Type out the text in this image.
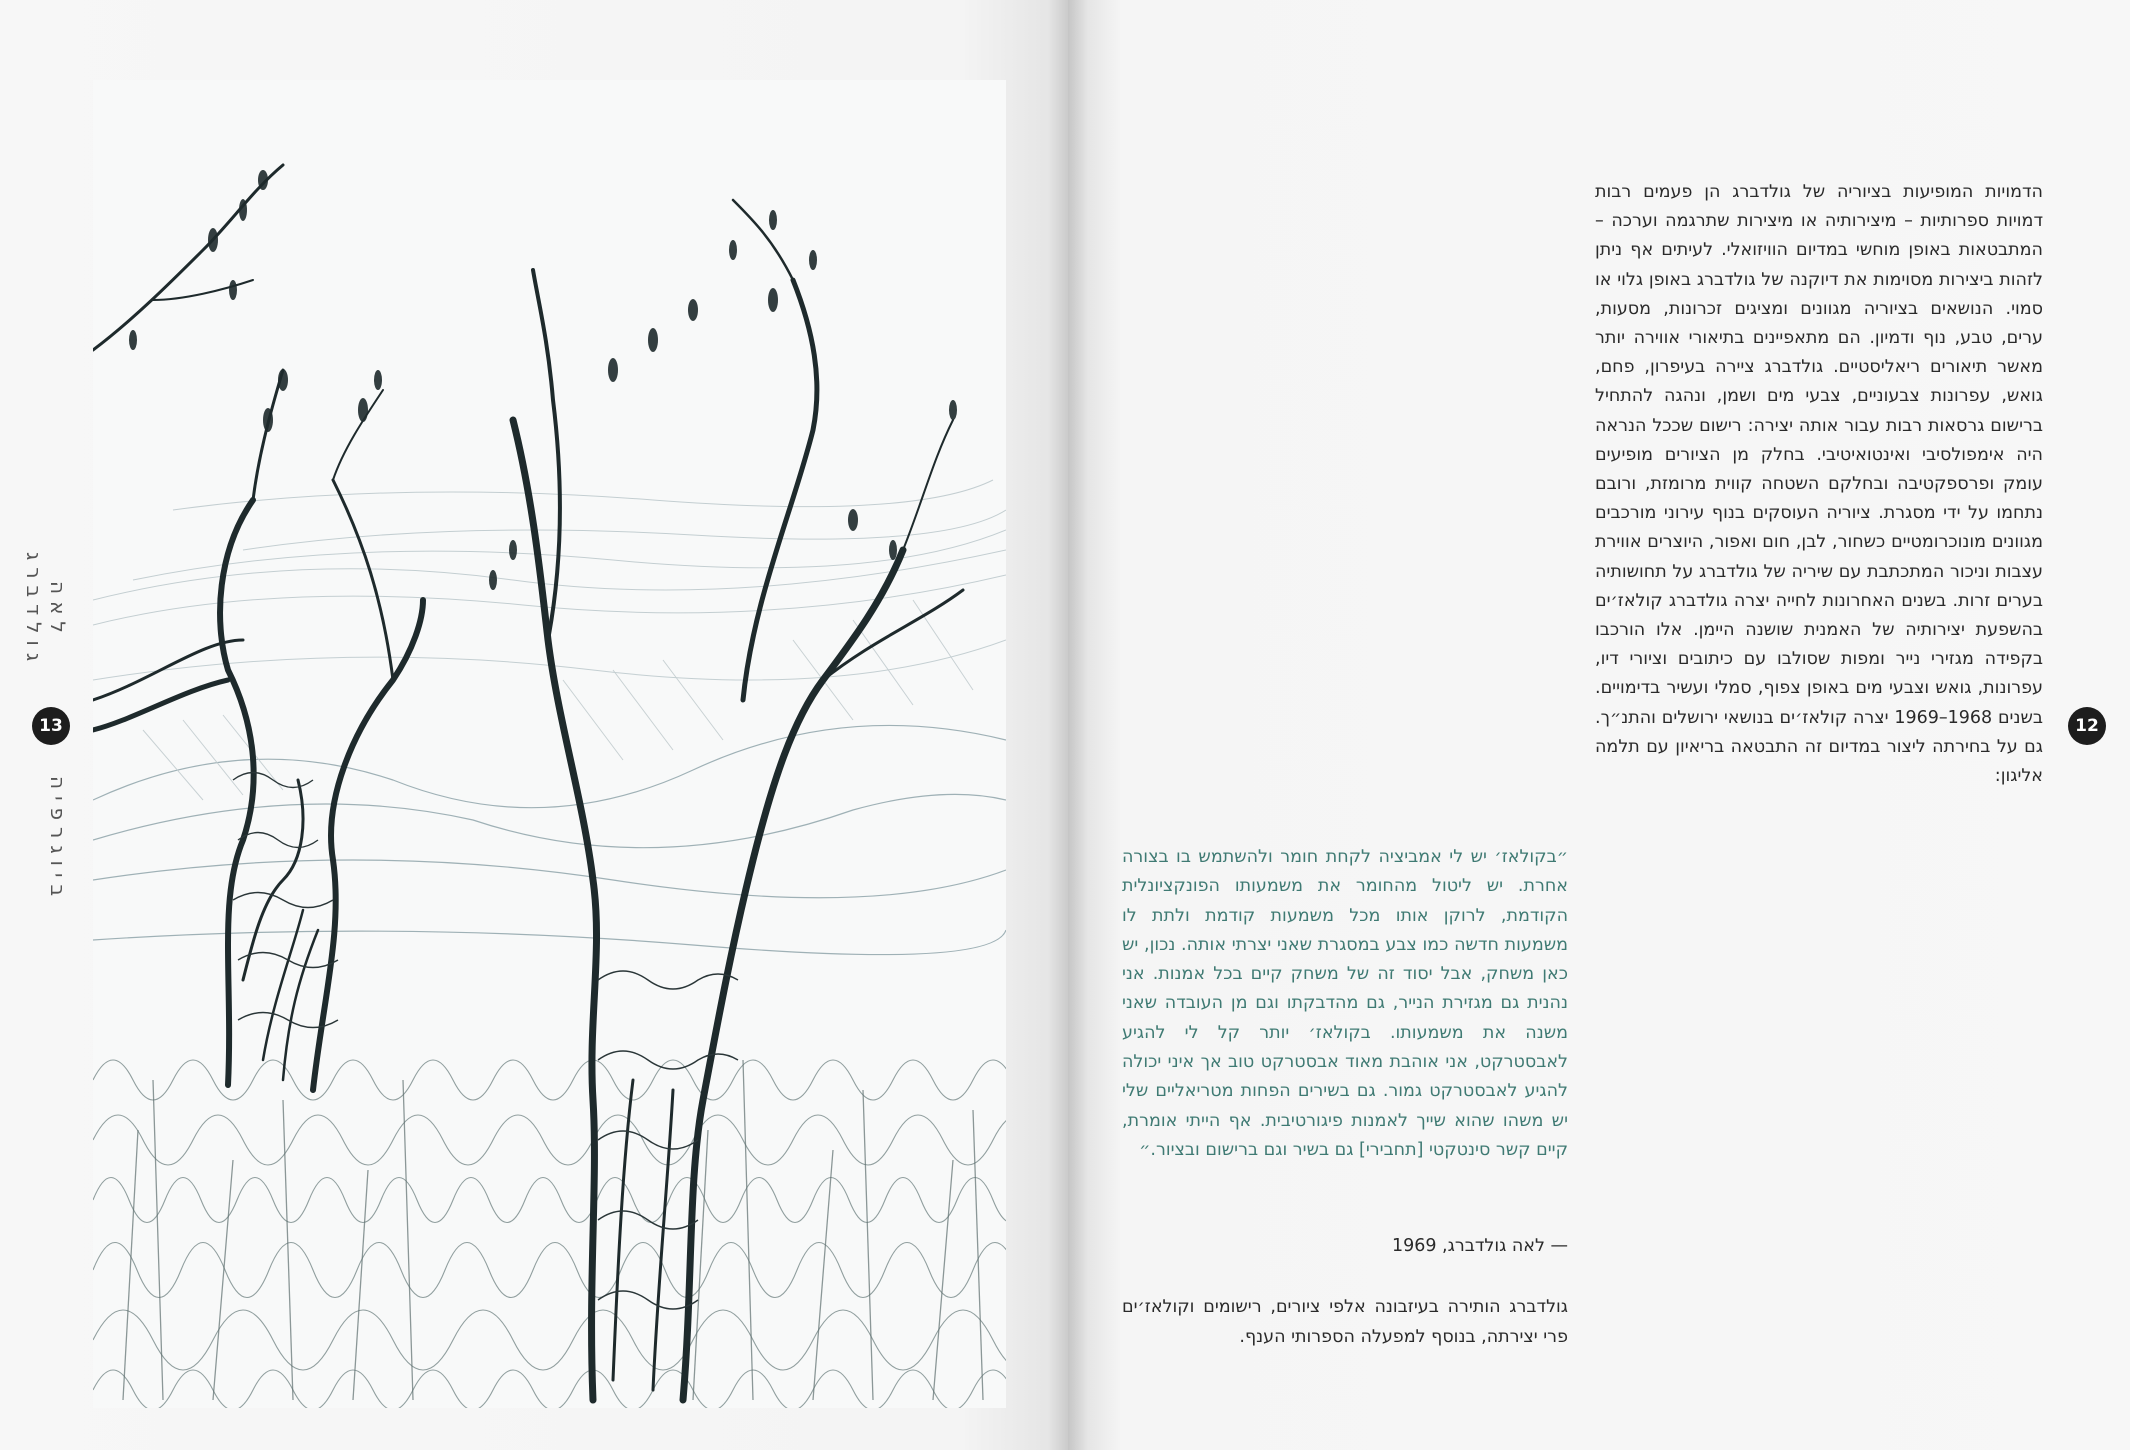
לאה גולדברג
13
ביוגרפיה
12
הדמויות המופיעות בציוריה של גולדברג הן פעמים רבות דמויות ספרותיות – מיצירותיה או מיצירות שתרגמה וערכה – המתבטאות באופן מוחשי במדיום הוויזואלי. לעיתים אף ניתן לזהות ביצירות מסוימות את דיוקנה של גולדברג באופן גלוי או סמוי. הנושאים בציוריה מגוונים ומציגים זכרונות, מסעות, ערים, טבע, נוף ודמיון. הם מתאפיינים בתיאורי אווירה יותר מאשר תיאורים ריאליסטיים. גולדברג ציירה בעיפרון, פחם, גואש, עפרונות צבעוניים, צבעי מים ושמן, ונהגה להתחיל ברישום גרסאות רבות עבור אותה יצירה: רישום שככל הנראה היה אימפולסיבי ואינטואיטיבי. בחלק מן הציורים מופיעים עומק ופרספקטיבה ובחלקם השטחה קווית מרומזת, ורובם נתחמו על ידי מסגרת. ציוריה העוסקים בנוף עירוני מורכבים מגוונים מונוכרומטיים כשחור, לבן, חום ואפור, היוצרים אווירת עצבות וניכור המתכתבת עם שיריה של גולדברג על תחושותיה בערים זרות. בשנים האחרונות לחייה יצרה גולדברג קולאז׳ים בהשפעת יצירותיה של האמנית שושנה היימן. אלו הורכבו בקפידה מגזירי נייר ומפות שסולבו עם כיתובים וציורי דיו, עפרונות, גואש וצבעי מים באופן צפוף, סמלי ועשיר בדימויים. בשנים 1968–1969 יצרה קולאז׳ים בנושאי ירושלים והתנ״ך. גם על בחירתה ליצור במדיום זה התבטאה בריאיון עם תלמה אליגון:
״בקולאז׳ יש לי אמביציה לקחת חומר ולהשתמש בו בצורה אחרת. יש ליטול מהחומר את משמעותו הפונקציונלית הקודמת, לרוקן אותו מכל משמעות קודמת ולתת לו משמעות חדשה כמו צבע במסגרת שאני יצרתי אותה. נכון, יש כאן משחק, אבל יסוד זה של משחק קיים בכל אמנות. אני נהנית גם מגזירת הנייר, גם מהדבקתו וגם מן העובדה שאני משנה את משמעותו. בקולאז׳ יותר קל לי להגיע לאבסטרקט, אני אוהבת מאוד אבסטרקט טוב אך איני יכולה להגיע לאבסטרקט גמור. גם בשירים הפחות מטריאליים שלי יש משהו שהוא שייך לאמנות פיגורטיבית. אף הייתי אומרת, קיים קשר סינטקטי [תחבירי] גם בשיר וגם ברישום ובציור.״
— לאה גולדברג, 1969
גולדברג הותירה בעיזבונה אלפי ציורים, רישומים וקולאז׳ים פרי יצירתה, בנוסף למפעלה הספרותי הענף.
